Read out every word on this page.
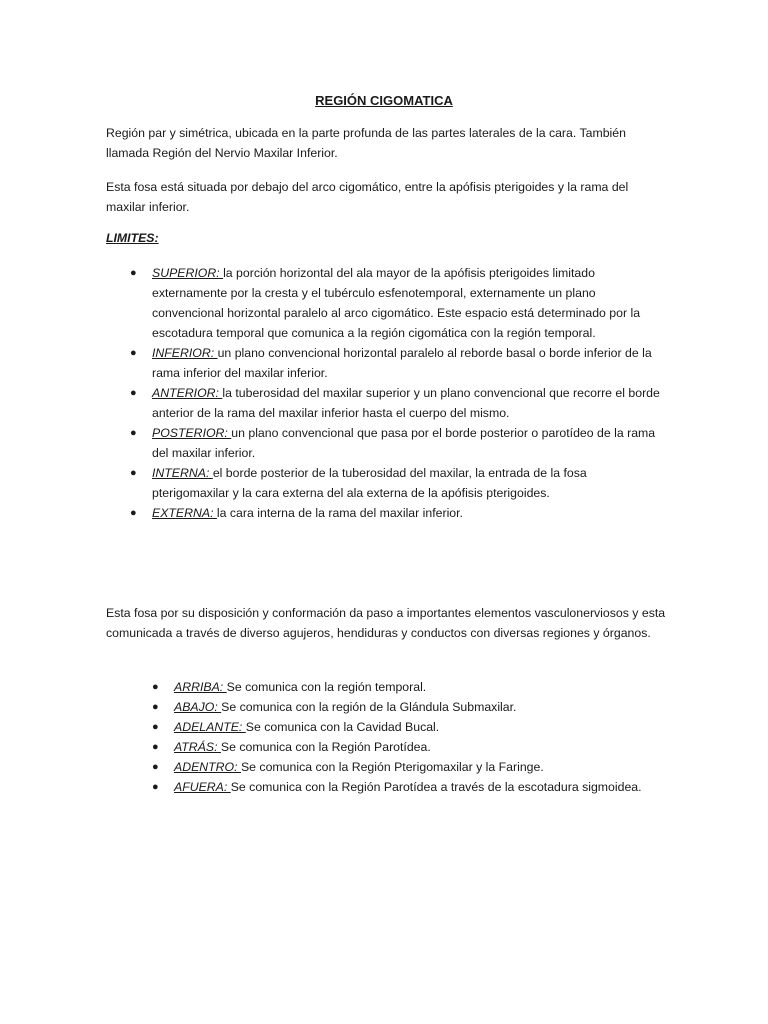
REGIÓN CIGOMATICA
Región par y simétrica, ubicada en la parte profunda de las partes laterales de la cara. También llamada Región del Nervio Maxilar Inferior.
Esta fosa está situada por debajo del arco cigomático, entre la apófisis pterigoides y la rama del maxilar inferior.
LIMITES:
●	SUPERIOR: la porción horizontal del ala mayor de la apófisis pterigoides limitado externamente por la cresta y el tubérculo esfenotemporal, externamente un plano convencional horizontal paralelo al arco cigomático. Este espacio está determinado por la escotadura temporal que comunica a la región cigomática con la región temporal.
●	INFERIOR: un plano convencional horizontal paralelo al reborde basal o borde inferior de la rama inferior del maxilar inferior.
●	ANTERIOR: la tuberosidad del maxilar superior y un plano convencional que recorre el borde anterior de la rama del maxilar inferior hasta el cuerpo del mismo.
●	POSTERIOR: un plano convencional que pasa por el borde posterior o parotídeo de la rama del maxilar inferior.
●	INTERNA: el borde posterior de la tuberosidad del maxilar, la entrada de la fosa pterigomaxilar y la cara externa del ala externa de la apófisis pterigoides.
●	EXTERNA: la cara interna de la rama del maxilar inferior.
Esta fosa por su disposición y conformación da paso a importantes elementos vasculonerviosos y esta comunicada a través de diverso agujeros, hendiduras y conductos con diversas regiones y órganos.
●	ARRIBA: Se comunica con la región temporal.
●	ABAJO: Se comunica con la región de la Glándula Submaxilar.
●	ADELANTE: Se comunica con la Cavidad Bucal.
●	ATRÁS: Se comunica con la Región Parotídea.
●	ADENTRO: Se comunica con la Región Pterigomaxilar y la Faringe.
●	AFUERA: Se comunica con la Región Parotídea a través de la escotadura sigmoidea.
